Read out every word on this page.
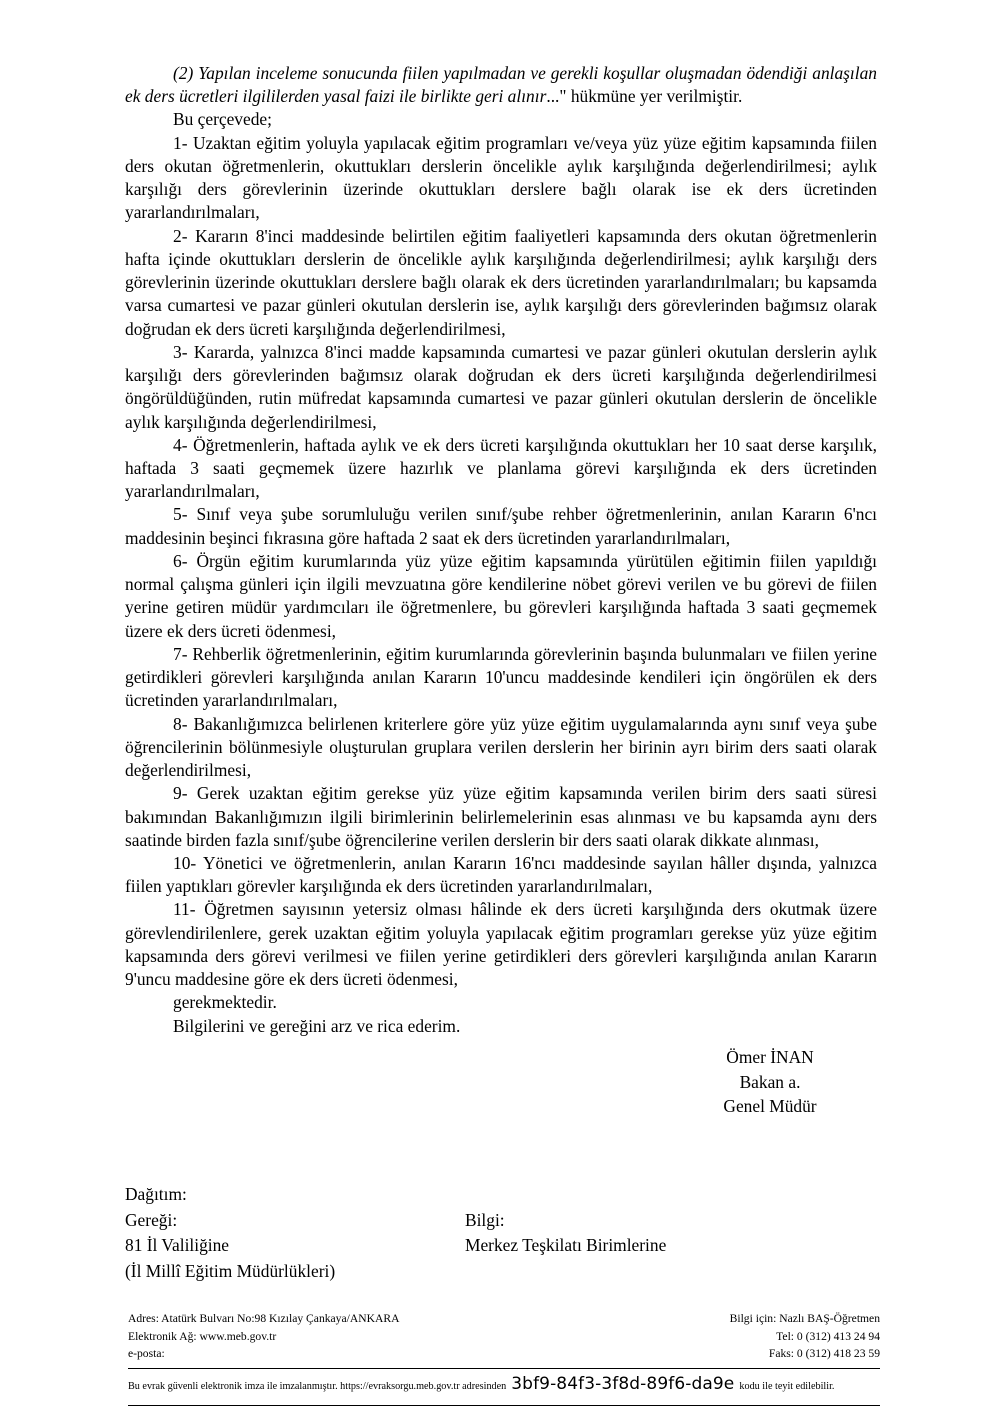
(2) Yapılan inceleme sonucunda fiilen yapılmadan ve gerekli koşullar oluşmadan ödendiği anlaşılan ek ders ücretleri ilgililerden yasal faizi ile birlikte geri alınır..." hükmüne yer verilmiştir.

Bu çerçevede;

1- Uzaktan eğitim yoluyla yapılacak eğitim programları ve/veya yüz yüze eğitim kapsamında fiilen ders okutan öğretmenlerin, okuttukları derslerin öncelikle aylık karşılığında değerlendirilmesi; aylık karşılığı ders görevlerinin üzerinde okuttukları derslere bağlı olarak ise ek ders ücretinden yararlandırılmaları,

2- Kararın 8'inci maddesinde belirtilen eğitim faaliyetleri kapsamında ders okutan öğretmenlerin hafta içinde okuttukları derslerin de öncelikle aylık karşılığında değerlendirilmesi; aylık karşılığı ders görevlerinin üzerinde okuttukları derslere bağlı olarak ek ders ücretinden yararlandırılmaları; bu kapsamda varsa cumartesi ve pazar günleri okutulan derslerin ise, aylık karşılığı ders görevlerinden bağımsız olarak doğrudan ek ders ücreti karşılığında değerlendirilmesi,

3- Kararda, yalnızca 8'inci madde kapsamında cumartesi ve pazar günleri okutulan derslerin aylık karşılığı ders görevlerinden bağımsız olarak doğrudan ek ders ücreti karşılığında değerlendirilmesi öngörüldüğünden, rutin müfredat kapsamında cumartesi ve pazar günleri okutulan derslerin de öncelikle aylık karşılığında değerlendirilmesi,

4- Öğretmenlerin, haftada aylık ve ek ders ücreti karşılığında okuttukları her 10 saat derse karşılık, haftada 3 saati geçmemek üzere hazırlık ve planlama görevi karşılığında ek ders ücretinden yararlandırılmaları,

5- Sınıf veya şube sorumluluğu verilen sınıf/şube rehber öğretmenlerinin, anılan Kararın 6'ncı maddesinin beşinci fıkrasına göre haftada 2 saat ek ders ücretinden yararlandırılmaları,

6- Örgün eğitim kurumlarında yüz yüze eğitim kapsamında yürütülen eğitimin fiilen yapıldığı normal çalışma günleri için ilgili mevzuatına göre kendilerine nöbet görevi verilen ve bu görevi de fiilen yerine getiren müdür yardımcıları ile öğretmenlere, bu görevleri karşılığında haftada 3 saati geçmemek üzere ek ders ücreti ödenmesi,

7- Rehberlik öğretmenlerinin, eğitim kurumlarında görevlerinin başında bulunmaları ve fiilen yerine getirdikleri görevleri karşılığında anılan Kararın 10'uncu maddesinde kendileri için öngörülen ek ders ücretinden yararlandırılmaları,

8- Bakanlığımızca belirlenen kriterlere göre yüz yüze eğitim uygulamalarında aynı sınıf veya şube öğrencilerinin bölünmesiyle oluşturulan gruplara verilen derslerin her birinin ayrı birim ders saati olarak değerlendirilmesi,

9- Gerek uzaktan eğitim gerekse yüz yüze eğitim kapsamında verilen birim ders saati süresi bakımından Bakanlığımızın ilgili birimlerinin belirlemelerinin esas alınması ve bu kapsamda aynı ders saatinde birden fazla sınıf/şube öğrencilerine verilen derslerin bir ders saati olarak dikkate alınması,

10- Yönetici ve öğretmenlerin, anılan Kararın 16'ncı maddesinde sayılan hâller dışında, yalnızca fiilen yaptıkları görevler karşılığında ek ders ücretinden yararlandırılmaları,

11- Öğretmen sayısının yetersiz olması hâlinde ek ders ücreti karşılığında ders okutmak üzere görevlendirilenlere, gerek uzaktan eğitim yoluyla yapılacak eğitim programları gerekse yüz yüze eğitim kapsamında ders görevi verilmesi ve fiilen yerine getirdikleri ders görevleri karşılığında anılan Kararın 9'uncu maddesine göre ek ders ücreti ödenmesi,

gerekmektedir.

Bilgilerini ve gereğini arz ve rica ederim.

Ömer İNAN
Bakan a.
Genel Müdür
Dağıtım:
Gereği:	Bilgi:
81 İl Valiliğine	Merkez Teşkilatı Birimlerine
(İl Millî Eğitim Müdürlükleri)
Adres: Atatürk Bulvarı No:98 Kızılay Çankaya/ANKARA
Elektronik Ağ: www.meb.gov.tr
e-posta:
Bilgi için: Nazlı BAŞ-Öğretmen
Tel: 0 (312) 413 24 94
Faks: 0 (312) 418 23 59
Bu evrak güvenli elektronik imza ile imzalanmıştır. https://evraksorgu.meb.gov.tr adresinden 3bf9-84f3-3f8d-89f6-da9e kodu ile teyit edilebilir.
